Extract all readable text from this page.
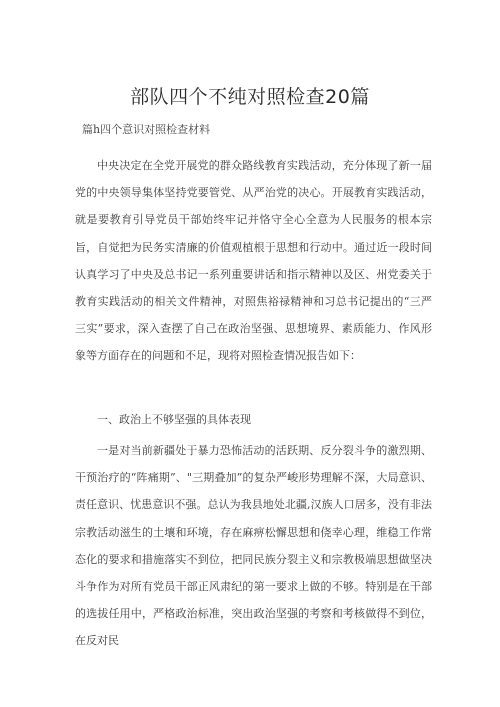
部队四个不纯对照检查20篇
篇h四个意识对照检查材料

中央决定在全党开展党的群众路线教育实践活动，充分体现了新一届党的中央领导集体坚持党要管党、从严治党的决心。开展教育实践活动，就是要教育引导党员干部始终牢记并恪守全心全意为人民服务的根本宗旨，自觉把为民务实清廉的价值观植根于思想和行动中。通过近一段时间认真学习了中央及总书记一系列重要讲话和指示精神以及区、州党委关于教育实践活动的相关文件精神，对照焦裕禄精神和习总书记提出的“三严三实”要求，深入查摆了自己在政治坚强、思想境界、素质能力、作风形象等方面存在的问题和不足，现将对照检查情况报告如下：

一、政治上不够坚强的具体表现

一是对当前新疆处于暴力恐怖活动的活跃期、反分裂斗争的激烈期、干预治疗的“阵痛期”、"三期叠加”的复杂严峻形势理解不深，大局意识、责任意识、忧患意识不强。总认为我县地处北疆,汉族人口居多，没有非法宗教活动滋生的土壤和环境，存在麻痹松懈思想和侥幸心理，维稳工作常态化的要求和措施落实不到位，把同民族分裂主义和宗教极端思想做坚决斗争作为对所有党员干部正风肃纪的第一要求上做的不够。特别是在干部的选拔任用中，严格政治标准，突出政治坚强的考察和考核做得不到位，在反对民
